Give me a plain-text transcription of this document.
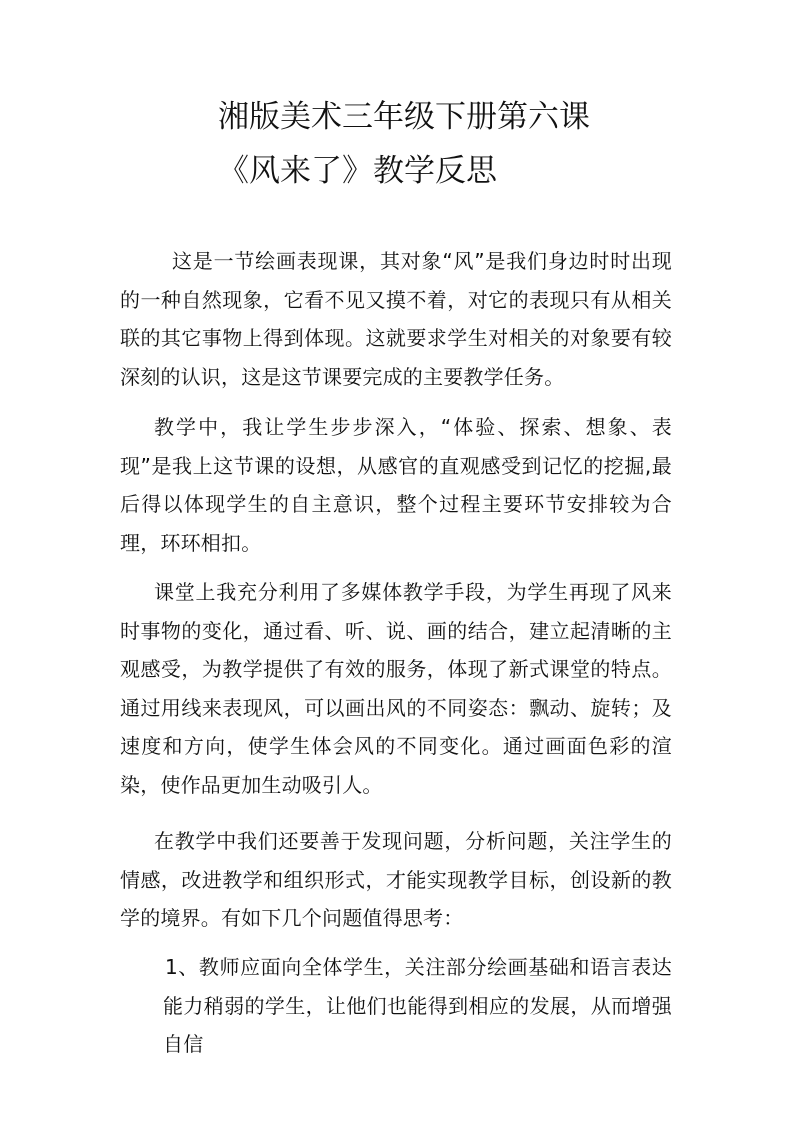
湘版美术三年级下册第六课
《风来了》教学反思

这是一节绘画表现课，其对象“风”是我们身边时时出现的一种自然现象，它看不见又摸不着，对它的表现只有从相关联的其它事物上得到体现。这就要求学生对相关的对象要有较深刻的认识，这是这节课要完成的主要教学任务。

教学中，我让学生步步深入，“体验、探索、想象、表现”是我上这节课的设想，从感官的直观感受到记忆的挖掘,最后得以体现学生的自主意识，整个过程主要环节安排较为合理，环环相扣。

课堂上我充分利用了多媒体教学手段，为学生再现了风来时事物的变化，通过看、听、说、画的结合，建立起清晰的主观感受，为教学提供了有效的服务，体现了新式课堂的特点。通过用线来表现风，可以画出风的不同姿态：飘动、旋转；及速度和方向，使学生体会风的不同变化。通过画面色彩的渲染，使作品更加生动吸引人。

在教学中我们还要善于发现问题，分析问题，关注学生的情感，改进教学和组织形式，才能实现教学目标，创设新的教学的境界。有如下几个问题值得思考：

1、教师应面向全体学生，关注部分绘画基础和语言表达能力稍弱的学生，让他们也能得到相应的发展，从而增强自信
